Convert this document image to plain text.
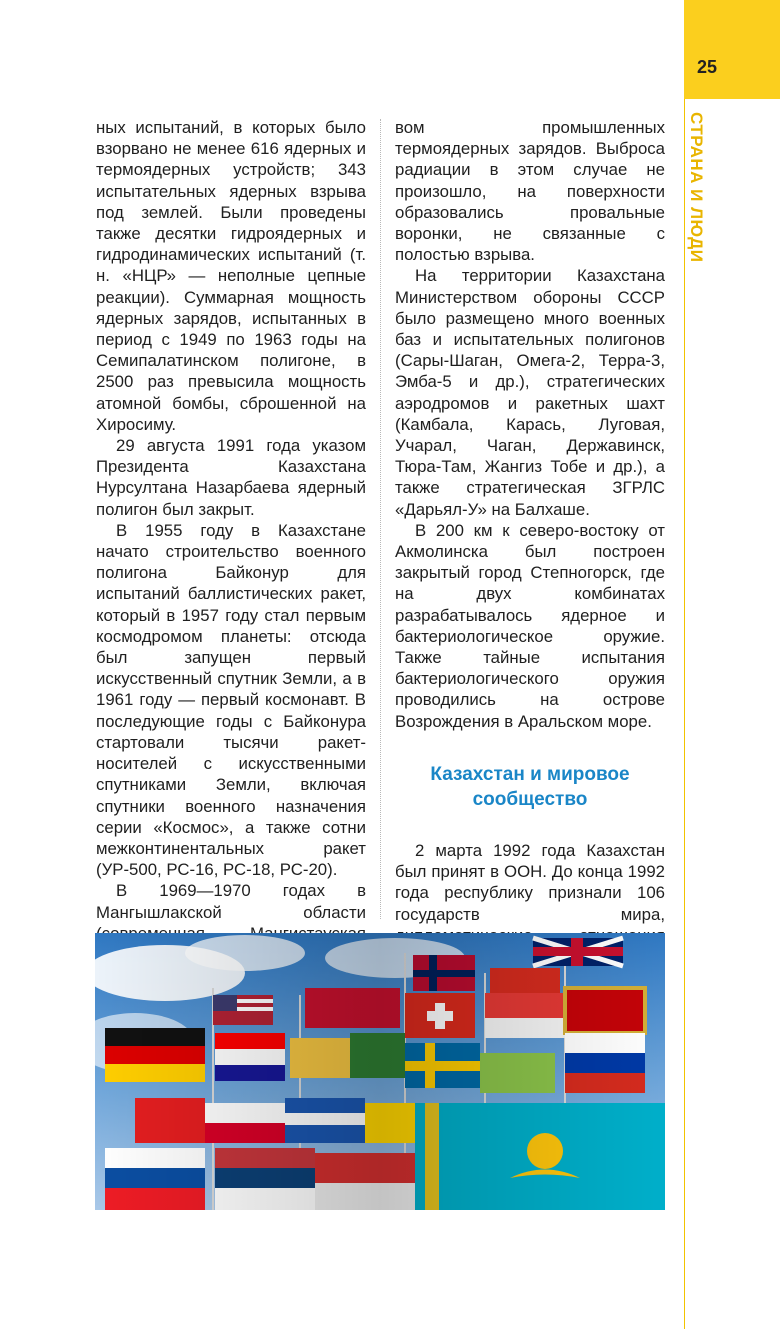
25
СТРАНА И ЛЮДИ

ных испытаний, в которых было взорвано не менее 616 ядерных и термоядерных устройств; 343 испытательных ядерных взрыва под землей. Были проведены также десятки гидроядерных и гидродинамических испытаний (т. н. «НЦР» — неполные цепные реакции). Суммарная мощность ядерных зарядов, испытанных в период с 1949 по 1963 годы на Семипалатинском полигоне, в 2500 раз превысила мощность атомной бомбы, сброшенной на Хиросиму.

29 августа 1991 года указом Президента Казахстана Нурсултана Назарбаева ядерный полигон был закрыт.

В 1955 году в Казахстане начато строительство военного полигона Байконур для испытаний баллистических ракет, который в 1957 году стал первым космодромом планеты: отсюда был запущен первый искусственный спутник Земли, а в 1961 году — первый космонавт. В последующие годы с Байконура стартовали тысячи ракет-носителей с искусственными спутниками Земли, включая спутники военного назначения серии «Космос», а также сотни межконтинентальных ракет (УР-500, РС-16, РС-18, РС-20).

В 1969—1970 годах в Мангышлакской области

вом промышленных термоядерных зарядов. Выброса радиации в этом случае не произошло, на поверхности образовались провальные воронки, не связанные с полостью взрыва.

На территории Казахстана Министерством обороны СССР было размещено много военных баз и испытательных полигонов (Сары-Шаган, Омега-2, Терра-3, Эмба-5 и др.), стратегических аэродромов и ракетных шахт (Камбала, Карась, Луговая, Учарал, Чаган, Державинск, Тюра-Там, Жангиз Тобе и др.), а также стратегическая ЗГРЛС «Дарьял-У» на Балхаше.

В 200 км к северо-востоку от Акмолинска был построен закрытый город Степногорск, где на двух комбинатах разрабатывалось ядерное и бактериологическое оружие. Также тайные испытания бактериологического оружия проводились на острове Возрождения в Аральском море.

Казахстан и мировое сообщество

2 марта 1992 года Казахстан был принят в ООН. До конца 1992 года республику признали 106 государств мира,
